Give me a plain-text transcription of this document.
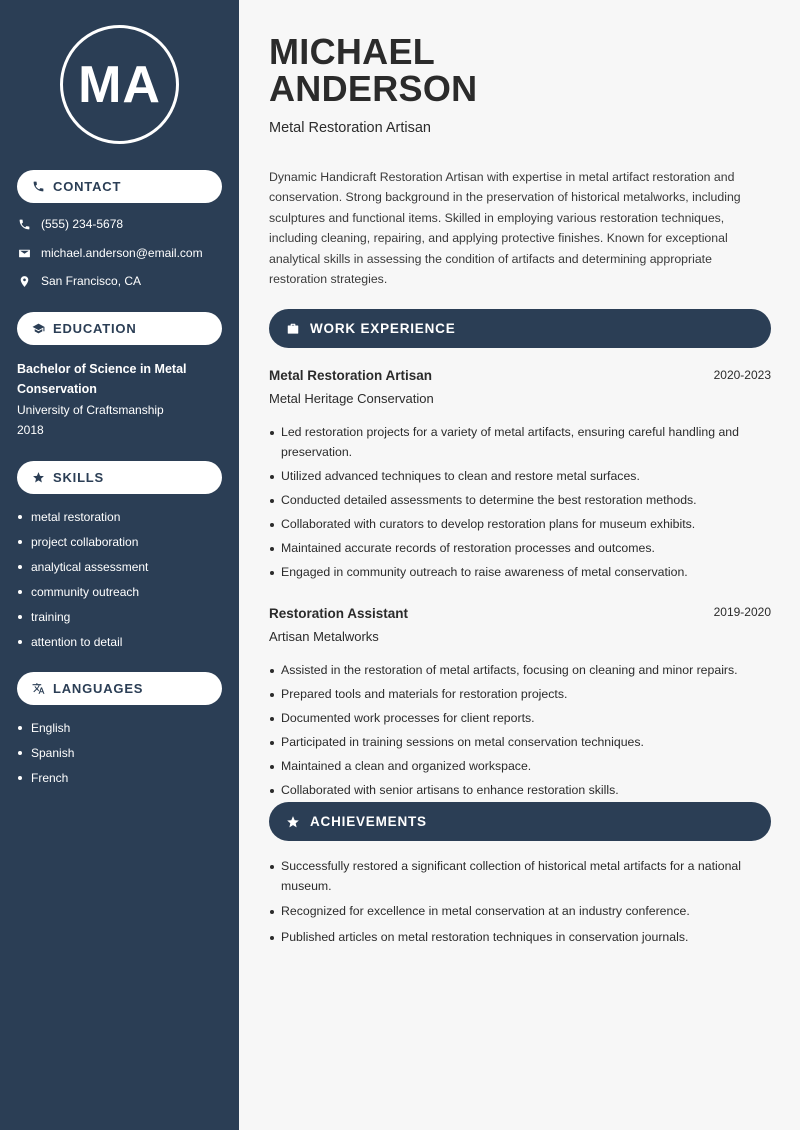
MA
CONTACT
(555) 234-5678
michael.anderson@email.com
San Francisco, CA
EDUCATION
Bachelor of Science in Metal Conservation
University of Craftsmanship
2018
SKILLS
metal restoration
project collaboration
analytical assessment
community outreach
training
attention to detail
LANGUAGES
English
Spanish
French
MICHAEL
ANDERSON
Metal Restoration Artisan
Dynamic Handicraft Restoration Artisan with expertise in metal artifact restoration and conservation. Strong background in the preservation of historical metalworks, including sculptures and functional items. Skilled in employing various restoration techniques, including cleaning, repairing, and applying protective finishes. Known for exceptional analytical skills in assessing the condition of artifacts and determining appropriate restoration strategies.
WORK EXPERIENCE
Metal Restoration Artisan	2020-2023
Metal Heritage Conservation
Led restoration projects for a variety of metal artifacts, ensuring careful handling and preservation.
Utilized advanced techniques to clean and restore metal surfaces.
Conducted detailed assessments to determine the best restoration methods.
Collaborated with curators to develop restoration plans for museum exhibits.
Maintained accurate records of restoration processes and outcomes.
Engaged in community outreach to raise awareness of metal conservation.
Restoration Assistant	2019-2020
Artisan Metalworks
Assisted in the restoration of metal artifacts, focusing on cleaning and minor repairs.
Prepared tools and materials for restoration projects.
Documented work processes for client reports.
Participated in training sessions on metal conservation techniques.
Maintained a clean and organized workspace.
Collaborated with senior artisans to enhance restoration skills.
ACHIEVEMENTS
Successfully restored a significant collection of historical metal artifacts for a national museum.
Recognized for excellence in metal conservation at an industry conference.
Published articles on metal restoration techniques in conservation journals.
